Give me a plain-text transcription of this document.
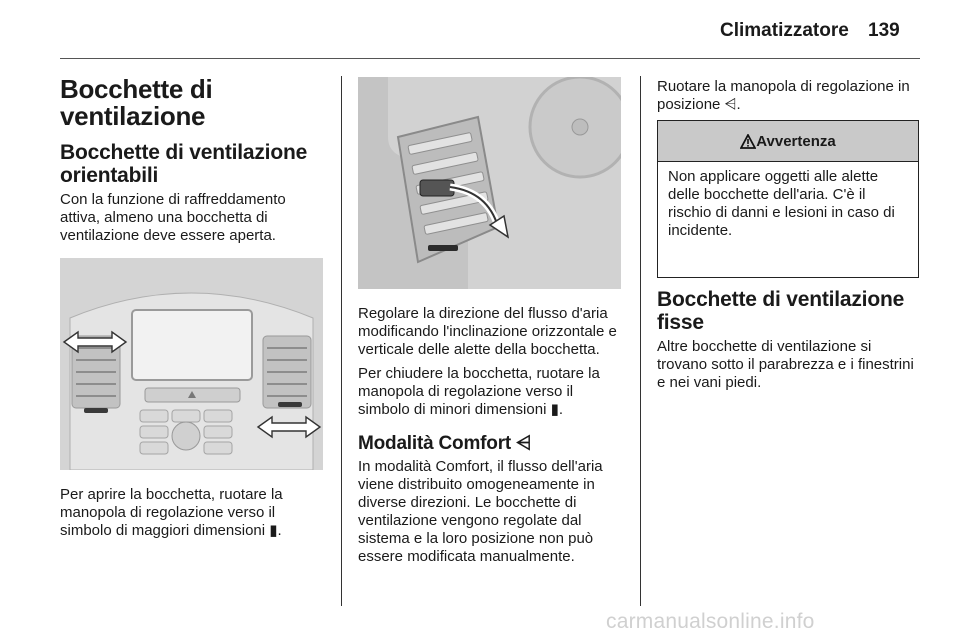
Climatizzatore 139
Bocchette di ventilazione
Bocchette di ventilazione orientabili

Con la funzione di raffreddamento attiva, almeno una bocchetta di ventilazione deve essere aperta.

Per aprire la bocchetta, ruotare la manopola di regolazione verso il simbolo di maggiori dimensioni ▮.

Regolare la direzione del flusso d'aria modificando l'inclinazione orizzontale e verticale delle alette della bocchetta.

Per chiudere la bocchetta, ruotare la manopola di regolazione verso il simbolo di minori dimensioni ▮.

Modalità Comfort ⩤

In modalità Comfort, il flusso dell'aria viene distribuito omogeneamente in diverse direzioni. Le bocchette di ventilazione vengono regolate dal sistema e la loro posizione non può essere modificata manualmente.

Ruotare la manopola di regolazione in posizione ⩤.

Avvertenza
Non applicare oggetti alle alette delle bocchette dell'aria. C'è il rischio di danni e lesioni in caso di incidente.
Bocchette di ventilazione fisse

Altre bocchette di ventilazione si trovano sotto il parabrezza e i finestrini e nei vani piedi.

carmanualsonline.info
